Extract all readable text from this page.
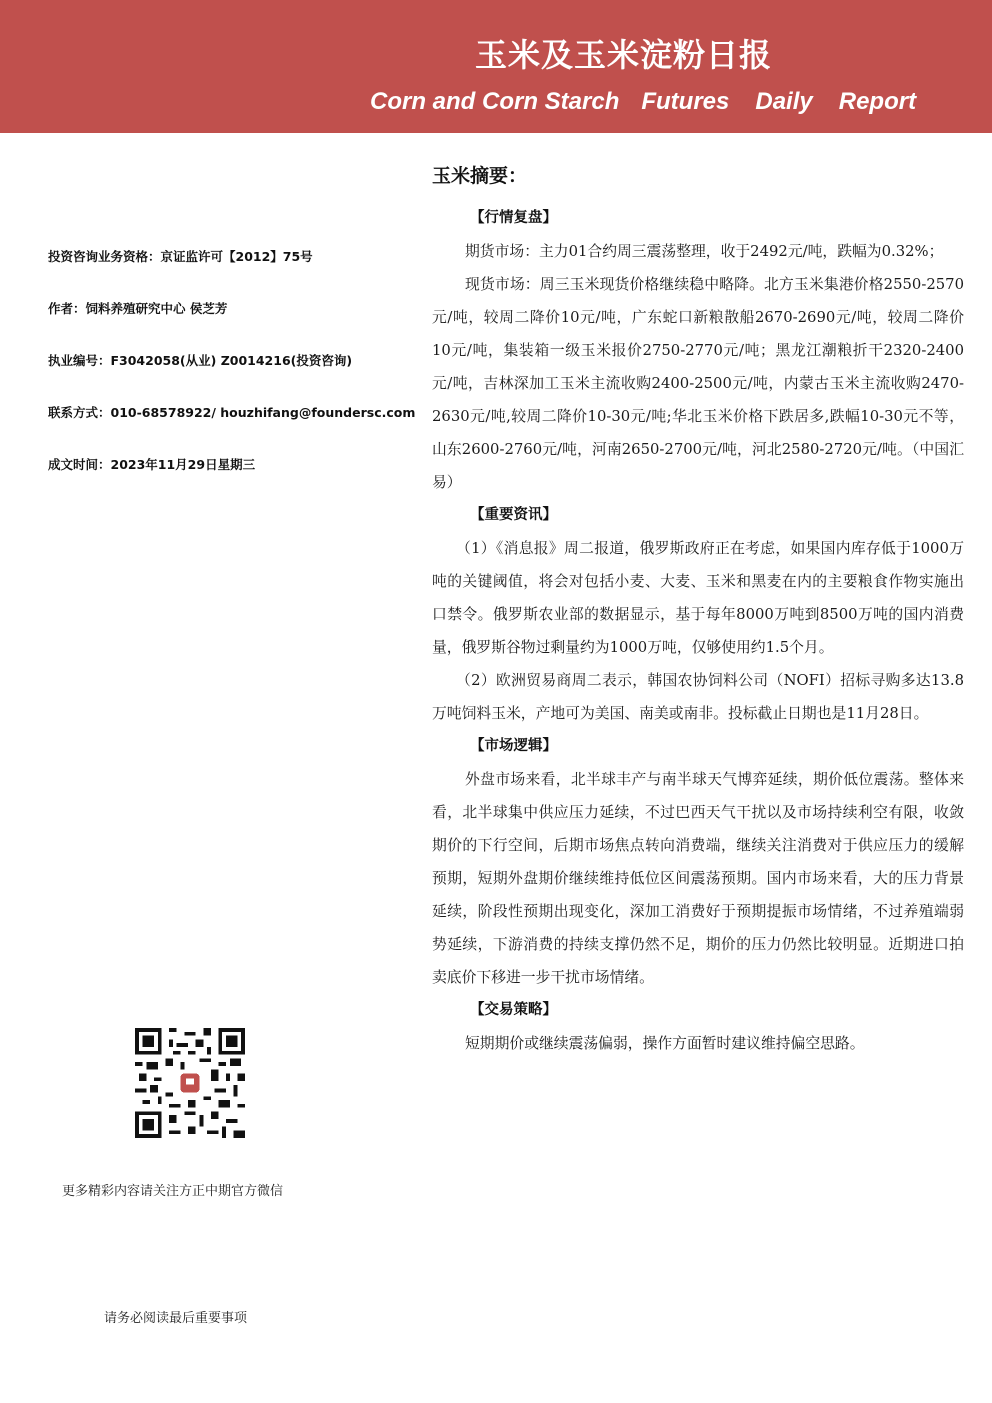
玉米及玉米淀粉日报
Corn and Corn Starch Futures Daily Report
投资咨询业务资格：京证监许可【2012】75号
作者：饲料养殖研究中心 侯芝芳
执业编号：F3042058(从业) Z0014216(投资咨询)
联系方式：010-68578922/ houzhifang@foundersc.com
成文时间：2023年11月29日星期三
更多精彩内容请关注方正中期官方微信
请务必阅读最后重要事项
玉米摘要：
【行情复盘】

期货市场：主力01合约周三震荡整理，收于2492元/吨，跌幅为0.32%；

现货市场：周三玉米现货价格继续稳中略降。北方玉米集港价格2550-2570元/吨，较周二降价10元/吨，广东蛇口新粮散船2670-2690元/吨，较周二降价10元/吨，集装箱一级玉米报价2750-2770元/吨；黑龙江潮粮折干2320-2400元/吨，吉林深加工玉米主流收购2400-2500元/吨，内蒙古玉米主流收购2470-2630元/吨,较周二降价10-30元/吨;华北玉米价格下跌居多,跌幅10-30元不等，山东2600-2760元/吨，河南2650-2700元/吨，河北2580-2720元/吨。（中国汇易）

【重要资讯】

（1）《消息报》周二报道，俄罗斯政府正在考虑，如果国内库存低于1000万吨的关键阈值，将会对包括小麦、大麦、玉米和黑麦在内的主要粮食作物实施出口禁令。俄罗斯农业部的数据显示，基于每年8000万吨到8500万吨的国内消费量，俄罗斯谷物过剩量约为1000万吨，仅够使用约1.5个月。

（2）欧洲贸易商周二表示，韩国农协饲料公司（NOFI）招标寻购多达13.8万吨饲料玉米，产地可为美国、南美或南非。投标截止日期也是11月28日。

【市场逻辑】

外盘市场来看，北半球丰产与南半球天气博弈延续，期价低位震荡。整体来看，北半球集中供应压力延续，不过巴西天气干扰以及市场持续利空有限，收敛期价的下行空间，后期市场焦点转向消费端，继续关注消费对于供应压力的缓解预期，短期外盘期价继续维持低位区间震荡预期。国内市场来看，大的压力背景延续，阶段性预期出现变化，深加工消费好于预期提振市场情绪，不过养殖端弱势延续，下游消费的持续支撑仍然不足，期价的压力仍然比较明显。近期进口拍卖底价下移进一步干扰市场情绪。

【交易策略】

短期期价或继续震荡偏弱，操作方面暂时建议维持偏空思路。
